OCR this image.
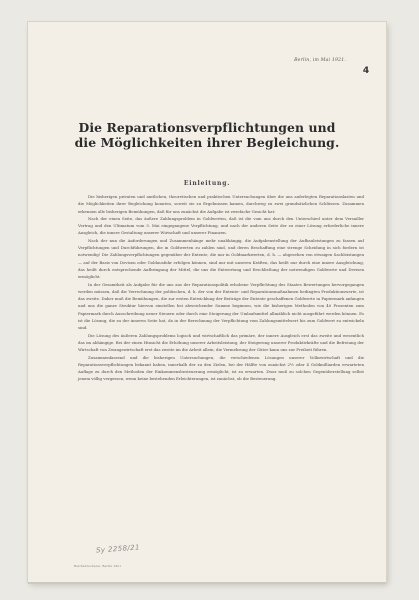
Berlin, im Mai 1921.
4
Die Reparationsverpflichtungen und
die Möglichkeiten ihrer Begleichung.
Einleitung.

Die bisherigen privaten und amtlichen, theoretischen und praktischen Untersuchungen über die uns auferlegten Reparationslasten und die Möglichkeiten ihrer Begleichung konnten, soweit sie zu Ergebnissen kamen, durchweg zu zwei grundsätzlichen Schlüssen. Zusammen erkennen alle bisherigen Bemühungen, daß für uns zunächst die Aufgabe ist zwiefache Gesicht hat:

Nach der einen Seite, das äußere Zahlungsproblem in Goldwerten, daß ist die vom uns durch den Unterschied unter dem Versailler Vertrag und den Ultimatum vom 5. Mai eingegangene Verpflichtung, und nach der anderen Seite der zu einer Lösung erforderliche innere Ausgleich, die innere Gestaltung unserer Wirtschaft und unserer Finanzen.

Nach der nun die Anforderungen und Zusammenhänge mehr unabhängig, die Aufgabenstellung der Aufbauleistungen zu fassen auf Verpflichtungen und Durchführungen, die in Goldwerten zu zahlen sind, und deren Beschaffung eine strenge Scheidung in sich fordern ist notwendig! Die Zahlungsverpflichtungen gegenüber der Entente, die nur in Goldmarkwerten, d. h. — abgesehen von etwaigen Sachleistungen — auf der Basis von Devisen oder Goldausfuhr erfolgen können, sind nur mit unseren Kräften, das heißt nur durch eine innere Ausgleichung, das heißt durch entsprechende Aufbringung der Mittel, die uns die Entwertung und Erschließung der notwendigen Goldwerte und Devisen ermöglicht.

In der Gesamtheit als Aufgabe für die uns aus der Reparationspolitik erhobene Verpflichtung des Staates Bewertungen hervorgegangen werden müssen, daß die Verrechnung der politischen, d. h. der von der Entente- und Reparationsmaßnahmen bedingten Produktionswerte, ist das zweite. Daher muß die Bemühungen, die zur ersten Entwicklung der Beiträge der Entente geschaffenen Goldwerte in Papiermark anfangen und uns die ganze Struktur hiervon einstellen bei abweichender Summe beginnen, wie die bisherigen Methoden von 40 Prozenten zum Papiermark durch Ausschreibung neuer Steuern oder durch eine Steigerung der Umlaufsmittel allmählich nicht ausgeführt werden können. Es ist die Lösung, die zu der inneren Seite hat, da in der Berechnung der Verpflichtung vom Zahlungsmittelwert bis zum Goldwert zu entwickeln sind.

Die Lösung des äußeren Zahlungsproblems logisch und wirtschaftlich das primäre, der innere Ausgleich erst das zweite und wesentlich das im abhängige. Bei der einen Hinsicht die Erhöhung unserer Arbeitsleistung, der Steigerung unserer Produktivkräfte und die Befreiung der Wirtschaft von Zwangswirtschaft erst das zweite im die Arbeit allein, die Vermehrung der Güter kann uns zur Freiheit führen.

Zusammenfassend und die bisherigen Untersuchungen, die verschiedenen Lösungen unserer Volkswirtschaft und die Reparationsverpflichtungen bekannt haben, innerhalb der zu den Zielen, bei der Hälfte von zunächst 2½ oder 4 Goldmilliarden erwarteten Auflage zu durch den Methoden der Einkommensbesteuerung ermöglicht, ist zu erwarten. Zwar muß zu solchen Gegenüberstellung selbst jenem völlig vergessen, wenn keine bestehenden Erleichterungen, ist zunächst, ob die Besteuerung.

Reichsdruckerei, Berlin 1921
Sy 2258/21
